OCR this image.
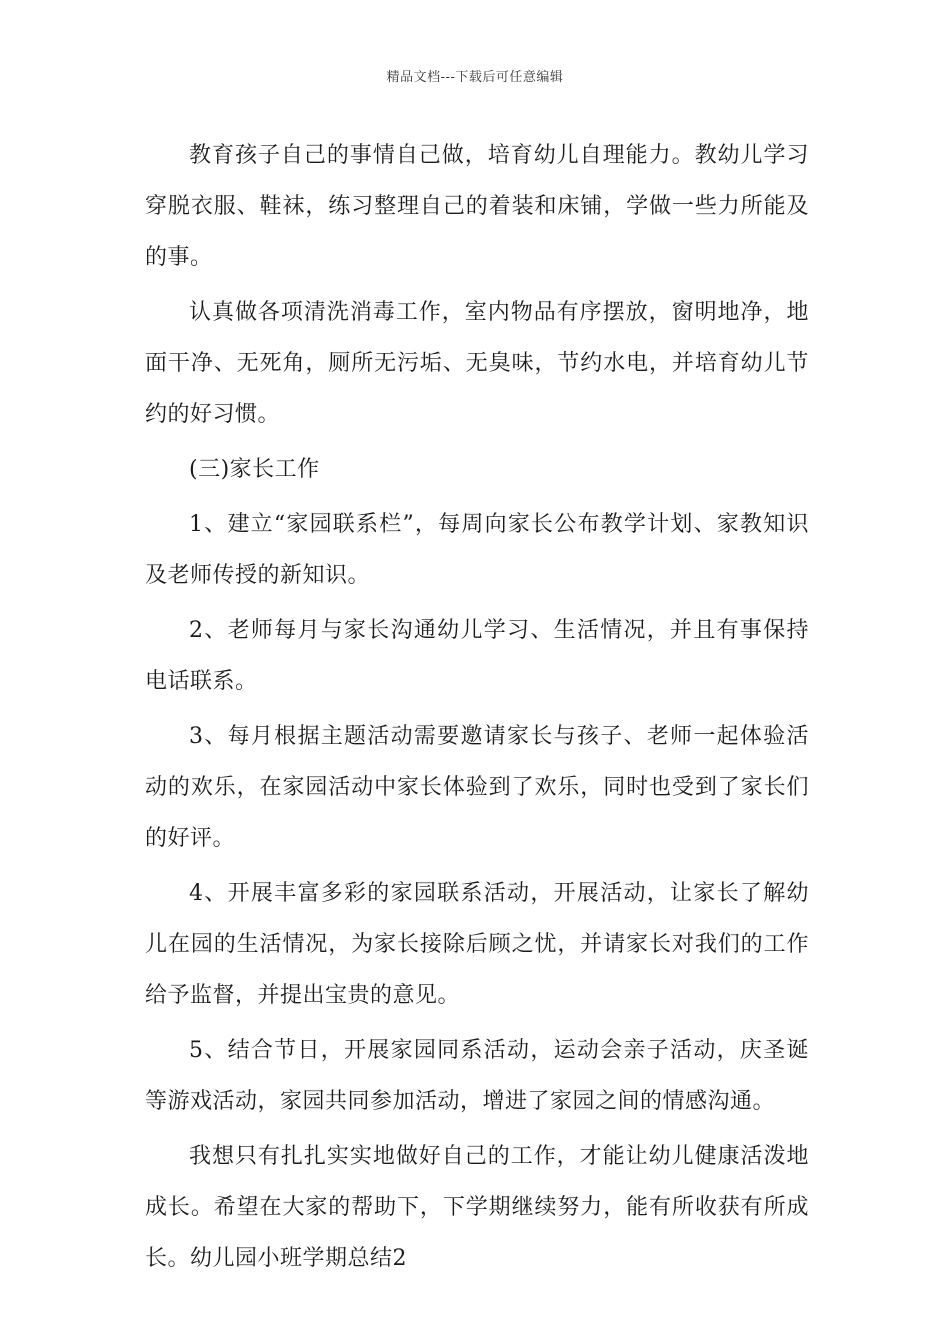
精品文档---下载后可任意编辑

教育孩子自己的事情自己做，培育幼儿自理能力。教幼儿学习穿脱衣服、鞋袜，练习整理自己的着装和床铺，学做一些力所能及的事。

认真做各项清洗消毒工作，室内物品有序摆放，窗明地净，地面干净、无死角，厕所无污垢、无臭味，节约水电，并培育幼儿节约的好习惯。

(三)家长工作

1、建立“家园联系栏”，每周向家长公布教学计划、家教知识及老师传授的新知识。

2、老师每月与家长沟通幼儿学习、生活情况，并且有事保持电话联系。

3、每月根据主题活动需要邀请家长与孩子、老师一起体验活动的欢乐，在家园活动中家长体验到了欢乐，同时也受到了家长们的好评。

4、开展丰富多彩的家园联系活动，开展活动，让家长了解幼儿在园的生活情况，为家长接除后顾之忧，并请家长对我们的工作给予监督，并提出宝贵的意见。

5、结合节日，开展家园同系活动，运动会亲子活动，庆圣诞等游戏活动，家园共同参加活动，增进了家园之间的情感沟通。

我想只有扎扎实实地做好自己的工作，才能让幼儿健康活泼地成长。希望在大家的帮助下，下学期继续努力，能有所收获有所成长。幼儿园小班学期总结2
